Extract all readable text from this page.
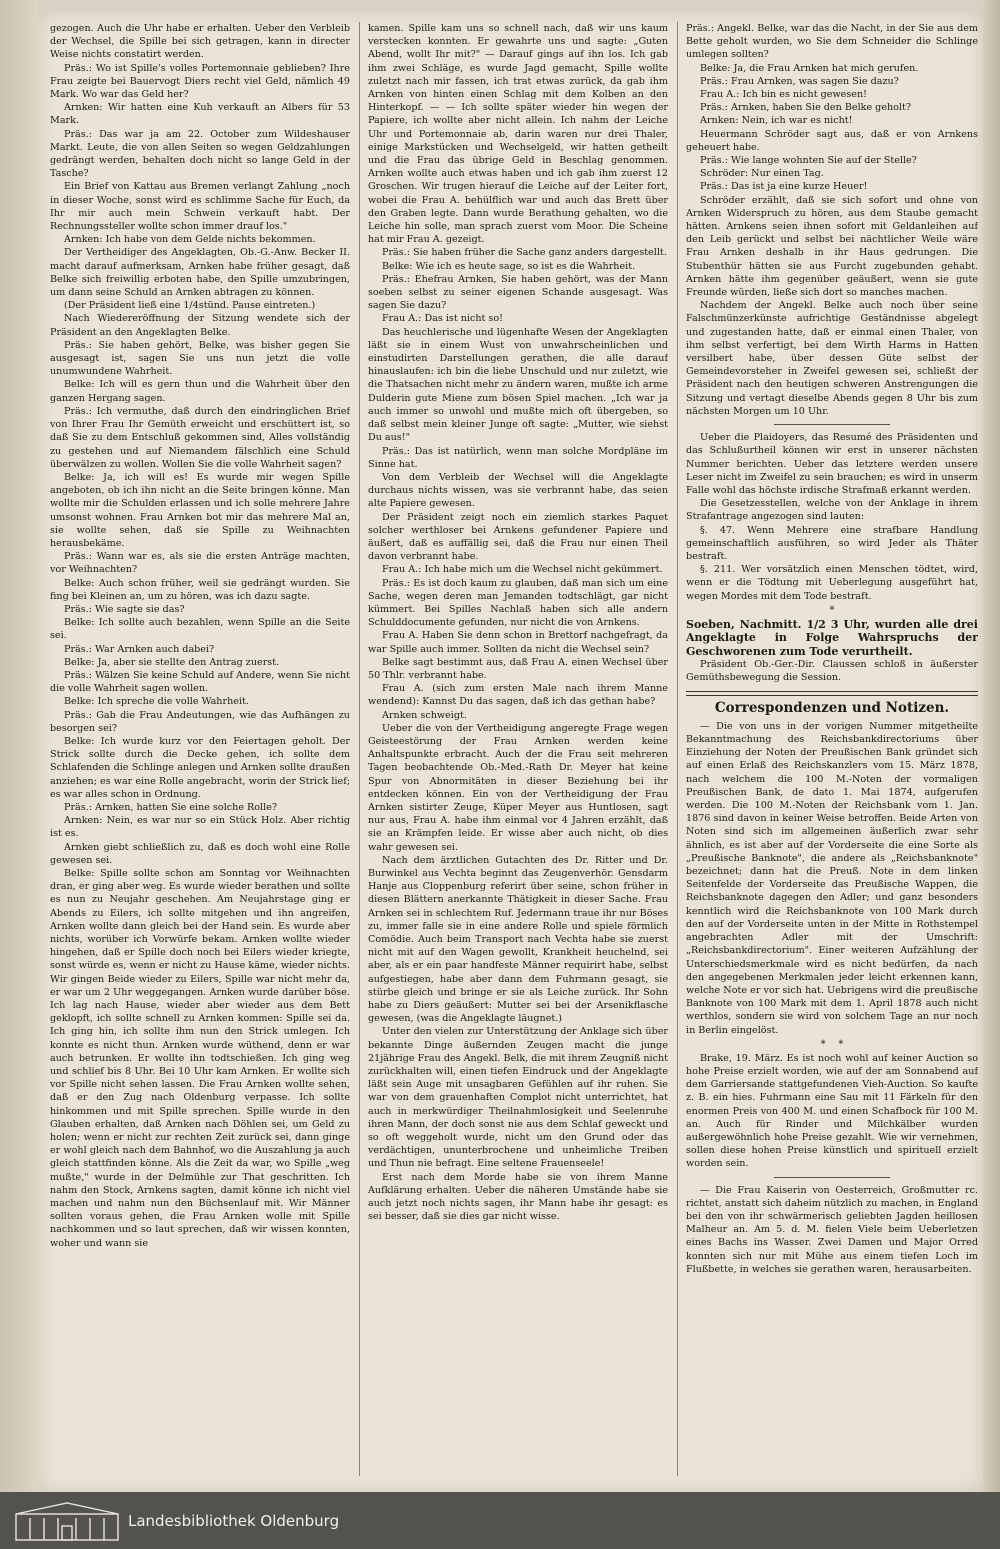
gezogen. Auch die Uhr habe er erhalten. Ueber den Verbleib der Wechsel, die Spille bei sich getragen, kann in directer Weise nichts constatirt werden.

Präs.: Wo ist Spille's volles Portemonnaie geblieben? Ihre Frau zeigte bei Bauervogt Diers recht viel Geld, nämlich 49 Mark. Wo war das Geld her?

Arnken: Wir hatten eine Kuh verkauft an Albers für 53 Mark.

Präs.: Das war ja am 22. October zum Wildeshauser Markt. Leute, die von allen Seiten so wegen Geldzahlungen gedrängt werden, behalten doch nicht so lange Geld in der Tasche?

Ein Brief von Kattau aus Bremen verlangt Zahlung „noch in dieser Woche, sonst wird es schlimme Sache für Euch, da Ihr mir auch mein Schwein verkauft habt. Der Rechnungssteller wollte schon immer drauf los."

Arnken: Ich habe von dem Gelde nichts bekommen.

Der Vertheidiger des Angeklagten, Ob.-G.-Anw. Becker II. macht darauf aufmerksam, Arnken habe früher gesagt, daß Belke sich freiwillig erboten habe, den Spille umzubringen, um dann seine Schuld an Arnken abtragen zu können.

(Der Präsident ließ eine 1/4stünd. Pause eintreten.)

Nach Wiedereröffnung der Sitzung wendete sich der Präsident an den Angeklagten Belke.

Präs.: Sie haben gehört, Belke, was bisher gegen Sie ausgesagt ist, sagen Sie uns nun jetzt die volle unumwundene Wahrheit.

Belke: Ich will es gern thun und die Wahrheit über den ganzen Hergang sagen.

Präs.: Ich vermuthe, daß durch den eindringlichen Brief von Ihrer Frau Ihr Gemüth erweicht und erschüttert ist, so daß Sie zu dem Entschluß gekommen sind, Alles vollständig zu gestehen und auf Niemandem fälschlich eine Schuld überwälzen zu wollen. Wollen Sie die volle Wahrheit sagen?

Belke: Ja, ich will es! Es wurde mir wegen Spille angeboten, ob ich ihn nicht an die Seite bringen könne. Man wollte mir die Schulden erlassen und ich solle mehrere Jahre umsonst wohnen. Frau Arnken bot mir das mehrere Mal an, sie wollte sehen, daß sie Spille zu Weihnachten herausbekäme.

Präs.: Wann war es, als sie die ersten Anträge machten, vor Weihnachten?

Belke: Auch schon früher, weil sie gedrängt wurden. Sie fing bei Kleinen an, um zu hören, was ich dazu sagte.

Präs.: Wie sagte sie das?

Belke: Ich sollte auch bezahlen, wenn Spille an die Seite sei.

Präs.: War Arnken auch dabei?

Belke: Ja, aber sie stellte den Antrag zuerst.

Präs.: Wälzen Sie keine Schuld auf Andere, wenn Sie nicht die volle Wahrheit sagen wollen.

Belke: Ich spreche die volle Wahrheit.

Präs.: Gab die Frau Andeutungen, wie das Aufhängen zu besorgen sei?

Belke: Ich wurde kurz vor den Feiertagen geholt. Der Strick sollte durch die Decke gehen, ich sollte dem Schlafenden die Schlinge anlegen und Arnken sollte draußen anziehen; es war eine Rolle angebracht, worin der Strick lief; es war alles schon in Ordnung.

Präs.: Arnken, hatten Sie eine solche Rolle?

Arnken: Nein, es war nur so ein Stück Holz. Aber richtig ist es.

Arnken giebt schließlich zu, daß es doch wohl eine Rolle gewesen sei.

Belke: Spille sollte schon am Sonntag vor Weihnachten dran, er ging aber weg. Es wurde wieder berathen und sollte es nun zu Neujahr geschehen. Am Neujahrstage ging er Abends zu Eilers, ich sollte mitgehen und ihn angreifen, Arnken wollte dann gleich bei der Hand sein. Es wurde aber nichts, worüber ich Vorwürfe bekam. Arnken wollte wieder hingehen, daß er Spille doch noch bei Eilers wieder kriegte, sonst würde es, wenn er nicht zu Hause käme, wieder nichts. Wir gingen Beide wieder zu Eilers, Spille war nicht mehr da, er war um 2 Uhr weggegangen. Arnken wurde darüber böse. Ich lag nach Hause, wieder aber wieder aus dem Bett geklopft, ich sollte schnell zu Arnken kommen: Spille sei da. Ich ging hin, ich sollte ihm nun den Strick umlegen. Ich konnte es nicht thun. Arnken wurde wüthend, denn er war auch betrunken. Er wollte ihn todtschießen. Ich ging weg und schlief bis 8 Uhr. Bei 10 Uhr kam Arnken. Er wollte sich vor Spille nicht sehen lassen. Die Frau Arnken wollte sehen, daß er den Zug nach Oldenburg verpasse. Ich sollte hinkommen und mit Spille sprechen. Spille wurde in den Glauben erhalten, daß Arnken nach Döhlen sei, um Geld zu holen; wenn er nicht zur rechten Zeit zurück sei, dann ginge er wohl gleich nach dem Bahnhof, wo die Auszahlung ja auch gleich stattfinden könne. Als die Zeit da war, wo Spille „weg mußte," wurde in der Delmühle zur That geschritten. Ich nahm den Stock, Arnkens sagten, damit könne ich nicht viel machen und nahm nun den Büchsenlauf mit. Wir Männer sollten voraus gehen, die Frau Arnken wolle mit Spille nachkommen und so laut sprechen, daß wir wissen konnten, woher und wann sie

kamen. Spille kam uns so schnell nach, daß wir uns kaum verstecken konnten. Er gewahrte uns und sagte: „Guten Abend, wollt Ihr mit?" — Darauf gings auf ihn los. Ich gab ihm zwei Schläge, es wurde Jagd gemacht, Spille wollte zuletzt nach mir fassen, ich trat etwas zurück, da gab ihm Arnken von hinten einen Schlag mit dem Kolben an den Hinterkopf. — — Ich sollte später wieder hin wegen der Papiere, ich wollte aber nicht allein. Ich nahm der Leiche Uhr und Portemonnaie ab, darin waren nur drei Thaler, einige Markstücken und Wechselgeld, wir hatten getheilt und die Frau das übrige Geld in Beschlag genommen. Arnken wollte auch etwas haben und ich gab ihm zuerst 12 Groschen. Wir trugen hierauf die Leiche auf der Leiter fort, wobei die Frau A. behülflich war und auch das Brett über den Graben legte. Dann wurde Berathung gehalten, wo die Leiche hin solle, man sprach zuerst vom Moor. Die Scheine hat mir Frau A. gezeigt.

Präs.: Sie haben früher die Sache ganz anders dargestellt.

Belke: Wie ich es heute sage, so ist es die Wahrheit.

Präs.: Ehefrau Arnken, Sie haben gehört, was der Mann soeben selbst zu seiner eigenen Schande ausgesagt. Was sagen Sie dazu?

Frau A.: Das ist nicht so!

Das heuchlerische und lügenhafte Wesen der Angeklagten läßt sie in einem Wust von unwahrscheinlichen und einstudirten Darstellungen gerathen, die alle darauf hinauslaufen: ich bin die liebe Unschuld und nur zuletzt, wie die Thatsachen nicht mehr zu ändern waren, mußte ich arme Dulderin gute Miene zum bösen Spiel machen. „Ich war ja auch immer so unwohl und mußte mich oft übergeben, so daß selbst mein kleiner Junge oft sagte: „Mutter, wie siehst Du aus!"

Präs.: Das ist natürlich, wenn man solche Mordpläne im Sinne hat.

Von dem Verbleib der Wechsel will die Angeklagte durchaus nichts wissen, was sie verbrannt habe, das seien alte Papiere gewesen.

Der Präsident zeigt noch ein ziemlich starkes Paquet solcher werthloser bei Arnkens gefundener Papiere und äußert, daß es auffällig sei, daß die Frau nur einen Theil davon verbrannt habe.

Frau A.: Ich habe mich um die Wechsel nicht gekümmert.

Präs.: Es ist doch kaum zu glauben, daß man sich um eine Sache, wegen deren man Jemanden todtschlägt, gar nicht kümmert. Bei Spilles Nachlaß haben sich alle andern Schulddocumente gefunden, nur nicht die von Arnkens.

Frau A. Haben Sie denn schon in Brettorf nachgefragt, da war Spille auch immer. Sollten da nicht die Wechsel sein?

Belke sagt bestimmt aus, daß Frau A. einen Wechsel über 50 Thlr. verbrannt habe.

Frau A. (sich zum ersten Male nach ihrem Manne wendend): Kannst Du das sagen, daß ich das gethan habe?

Arnken schweigt.

Ueber die von der Vertheidigung angeregte Frage wegen Geisteestörung der Frau Arnken werden keine Anhaltspunkte erbracht. Auch der die Frau seit mehreren Tagen beobachtende Ob.-Med.-Rath Dr. Meyer hat keine Spur von Abnormitäten in dieser Beziehung bei ihr entdecken können. Ein von der Vertheidigung der Frau Arnken sistirter Zeuge, Küper Meyer aus Huntlosen, sagt nur aus, Frau A. habe ihm einmal vor 4 Jahren erzählt, daß sie an Krämpfen leide. Er wisse aber auch nicht, ob dies wahr gewesen sei.

Nach dem ärztlichen Gutachten des Dr. Ritter und Dr. Burwinkel aus Vechta beginnt das Zeugenverhör. Gensdarm Hanje aus Cloppenburg referirt über seine, schon früher in diesen Blättern anerkannte Thätigkeit in dieser Sache. Frau Arnken sei in schlechtem Ruf. Jedermann traue ihr nur Böses zu, immer falle sie in eine andere Rolle und spiele förmlich Comödie. Auch beim Transport nach Vechta habe sie zuerst nicht mit auf den Wagen gewollt, Krankheit heuchelnd, sei aber, als er ein paar handfeste Männer requirirt habe, selbst aufgestiegen, habe aber dann dem Fuhrmann gesagt, sie stürbe gleich und bringe er sie als Leiche zurück. Ihr Sohn habe zu Diers geäußert: Mutter sei bei der Arsenikflasche gewesen, (was die Angeklagte läugnet.)

Unter den vielen zur Unterstützung der Anklage sich über bekannte Dinge äußernden Zeugen macht die junge 21jährige Frau des Angekl. Belk, die mit ihrem Zeugniß nicht zurückhalten will, einen tiefen Eindruck und der Angeklagte läßt sein Auge mit unsagbaren Gefühlen auf ihr ruhen. Sie war von dem grauenhaften Complot nicht unterrichtet, hat auch in merkwürdiger Theilnahmlosigkeit und Seelenruhe ihren Mann, der doch sonst nie aus dem Schlaf geweckt und so oft weggeholt wurde, nicht um den Grund oder das verdächtigen, ununterbrochene und unheimliche Treiben und Thun nie befragt. Eine seltene Frauenseele!

Erst nach dem Morde habe sie von ihrem Manne Aufklärung erhalten. Ueber die näheren Umstände habe sie auch jetzt noch nichts sagen, ihr Mann habe ihr gesagt: es sei besser, daß sie dies gar nicht wisse.

Präs.: Angekl. Belke, war das die Nacht, in der Sie aus dem Bette geholt wurden, wo Sie dem Schneider die Schlinge umlegen sollten?

Belke: Ja, die Frau Arnken hat mich gerufen.

Präs.: Frau Arnken, was sagen Sie dazu?

Frau A.: Ich bin es nicht gewesen!

Präs.: Arnken, haben Sie den Belke geholt?

Arnken: Nein, ich war es nicht!

Heuermann Schröder sagt aus, daß er von Arnkens geheuert habe.

Präs.: Wie lange wohnten Sie auf der Stelle?

Schröder: Nur einen Tag.

Präs.: Das ist ja eine kurze Heuer!

Schröder erzählt, daß sie sich sofort und ohne von Arnken Widerspruch zu hören, aus dem Staube gemacht hätten. Arnkens seien ihnen sofort mit Geldanleihen auf den Leib gerückt und selbst bei nächtlicher Weile wäre Frau Arnken deshalb in ihr Haus gedrungen. Die Stubenthür hätten sie aus Furcht zugebunden gehabt. Arnken hätte ihm gegenüber geäußert, wenn sie gute Freunde würden, ließe sich dort so manches machen.

Nachdem der Angekl. Belke auch noch über seine Falschmünzerkünste aufrichtige Geständnisse abgelegt und zugestanden hatte, daß er einmal einen Thaler, von ihm selbst verfertigt, bei dem Wirth Harms in Hatten versilbert habe, über dessen Güte selbst der Gemeindevorsteher in Zweifel gewesen sei, schließt der Präsident nach den heutigen schweren Anstrengungen die Sitzung und vertagt dieselbe Abends gegen 8 Uhr bis zum nächsten Morgen um 10 Uhr.

Ueber die Plaidoyers, das Resumé des Präsidenten und das Schlußurtheil können wir erst in unserer nächsten Nummer berichten. Ueber das letztere werden unsere Leser nicht im Zweifel zu sein brauchen; es wird in unserm Falle wohl das höchste irdische Strafmaß erkannt werden.

Die Gesetzesstellen, welche von der Anklage in ihrem Strafantrage angezogen sind lauten:

§. 47. Wenn Mehrere eine strafbare Handlung gemeinschaftlich ausführen, so wird Jeder als Thäter bestraft.

§. 211. Wer vorsätzlich einen Menschen tödtet, wird, wenn er die Tödtung mit Ueberlegung ausgeführt hat, wegen Mordes mit dem Tode bestraft.

*

Soeben, Nachmitt. 1/2 3 Uhr, wurden alle drei Angeklagte in Folge Wahrspruchs der Geschworenen zum Tode verurtheilt.

Präsident Ob.-Ger.-Dir. Claussen schloß in äußerster Gemüthsbewegung die Session.

Correspondenzen und Notizen.

— Die von uns in der vorigen Nummer mitgetheilte Bekanntmachung des Reichsbankdirectoriums über Einziehung der Noten der Preußischen Bank gründet sich auf einen Erlaß des Reichskanzlers vom 15. März 1878, nach welchem die 100 M.-Noten der vormaligen Preußischen Bank, de dato 1. Mai 1874, aufgerufen werden. Die 100 M.-Noten der Reichsbank vom 1. Jan. 1876 sind davon in keiner Weise betroffen. Beide Arten von Noten sind sich im allgemeinen äußerlich zwar sehr ähnlich, es ist aber auf der Vorderseite die eine Sorte als „Preußische Banknote", die andere als „Reichsbanknote" bezeichnet; dann hat die Preuß. Note in dem linken Seitenfelde der Vorderseite das Preußische Wappen, die Reichsbanknote dagegen den Adler; und ganz besonders kenntlich wird die Reichsbanknote von 100 Mark durch den auf der Vorderseite unten in der Mitte in Rothstempel angebrachten Adler mit der Umschrift: „Reichsbankdirectorium". Einer weiteren Aufzählung der Unterschiedsmerkmale wird es nicht bedürfen, da nach den angegebenen Merkmalen jeder leicht erkennen kann, welche Note er vor sich hat. Uebrigens wird die preußische Banknote von 100 Mark mit dem 1. April 1878 auch nicht werthlos, sondern sie wird von solchem Tage an nur noch in Berlin eingelöst.

*    *

Brake, 19. März. Es ist noch wohl auf keiner Auction so hohe Preise erzielt worden, wie auf der am Sonnabend auf dem Garriersande stattgefundenen Vieh-Auction. So kaufte z. B. ein hies. Fuhrmann eine Sau mit 11 Färkeln für den enormen Preis von 400 M. und einen Schafbock für 100 M. an. Auch für Rinder und Milchkälber wurden außergewöhnlich hohe Preise gezahlt. Wie wir vernehmen, sollen diese hohen Preise künstlich und spirituell erzielt worden sein.

— Die Frau Kaiserin von Oesterreich, Großmutter rc. richtet, anstatt sich daheim nützlich zu machen, in England bei den von ihr schwärmerisch geliebten Jagden heillosen Malheur an. Am 5. d. M. fielen Viele beim Ueberletzen eines Bachs ins Wasser. Zwei Damen und Major Orred konnten sich nur mit Mühe aus einem tiefen Loch im Flußbette, in welches sie gerathen waren, herausarbeiten.

Landesbibliothek Oldenburg
